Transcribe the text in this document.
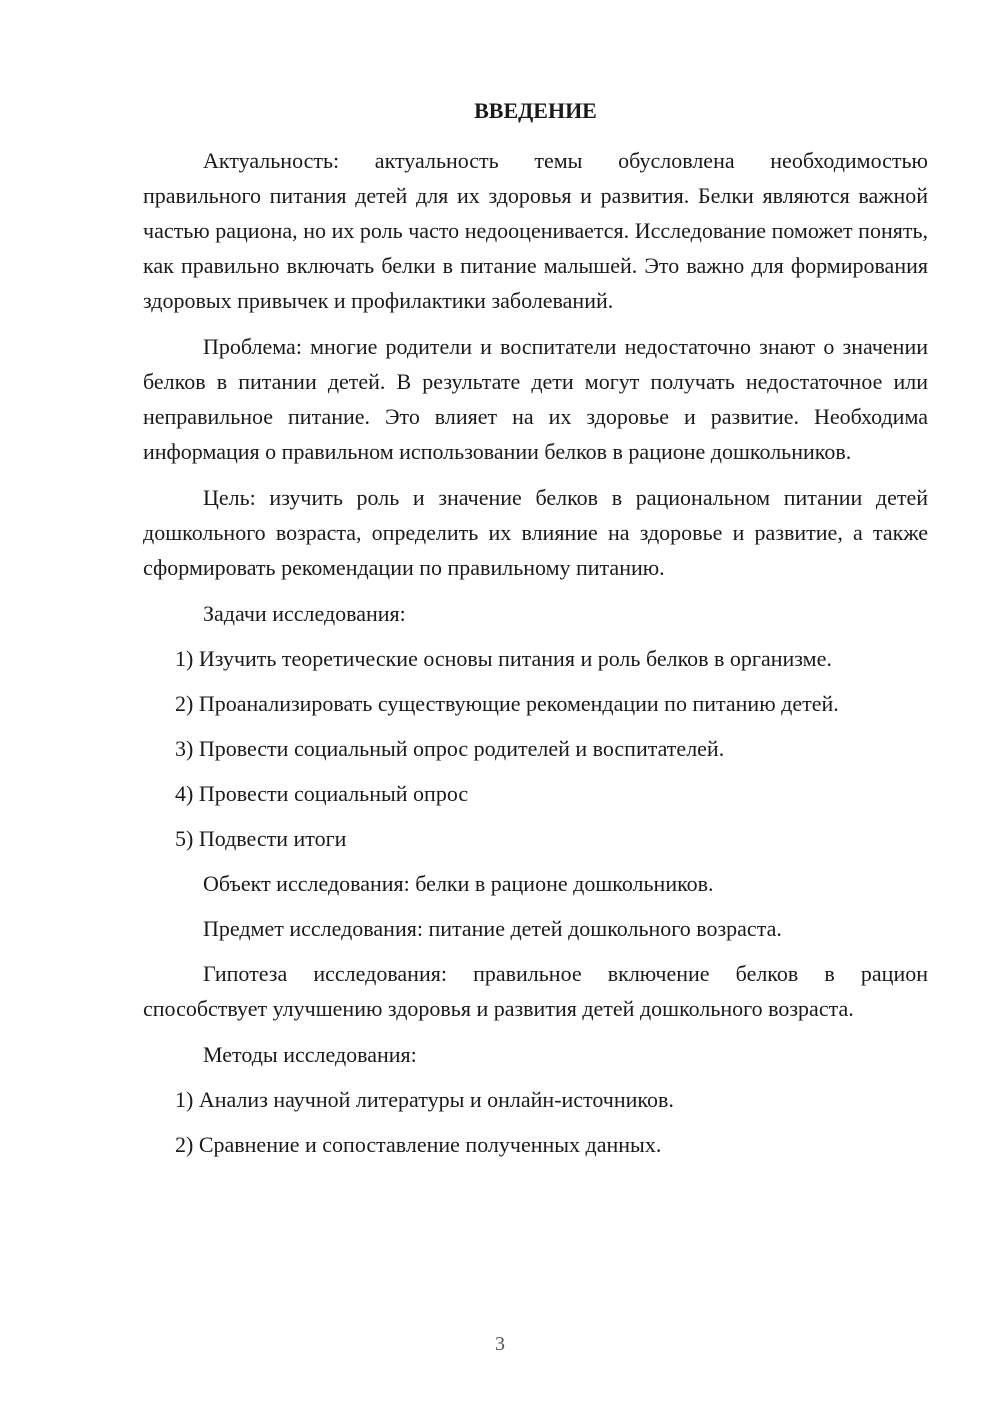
ВВЕДЕНИЕ

Актуальность: актуальность темы обусловлена необходимостью правильного питания детей для их здоровья и развития. Белки являются важной частью рациона, но их роль часто недооценивается. Исследование поможет понять, как правильно включать белки в питание малышей. Это важно для формирования здоровых привычек и профилактики заболеваний.

Проблема: многие родители и воспитатели недостаточно знают о значении белков в питании детей. В результате дети могут получать недостаточное или неправильное питание. Это влияет на их здоровье и развитие. Необходима информация о правильном использовании белков в рационе дошкольников.

Цель: изучить роль и значение белков в рациональном питании детей дошкольного возраста, определить их влияние на здоровье и развитие, а также сформировать рекомендации по правильному питанию.

Задачи исследования:
1) Изучить теоретические основы питания и роль белков в организме.
2) Проанализировать существующие рекомендации по питанию детей.
3) Провести социальный опрос родителей и воспитателей.
4) Провести социальный опрос
5) Подвести итоги
Объект исследования: белки в рационе дошкольников.
Предмет исследования: питание детей дошкольного возраста.

Гипотеза исследования: правильное включение белков в рацион способствует улучшению здоровья и развития детей дошкольного возраста.

Методы исследования:
1) Анализ научной литературы и онлайн-источников.
2) Сравнение и сопоставление полученных данных.
3
